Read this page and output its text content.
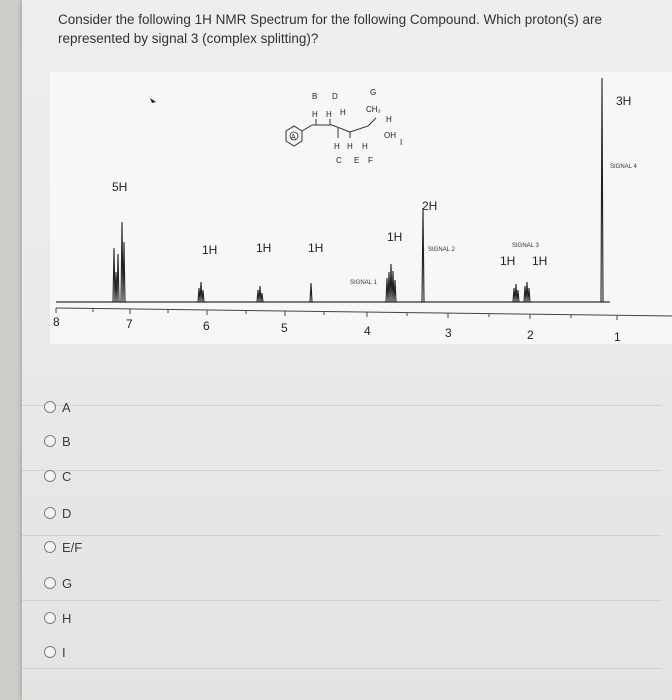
Consider the following 1H NMR Spectrum for the following Compound. Which proton(s) are
represented by signal 3 (complex splitting)?
8	7	6	5	4	3	2	1
5H
1H	1H	1H
1H
2H
1H 1H
3H
SIGNAL 1
SIGNAL 2
SIGNAL 3
SIGNAL 4
A
B D	G
H H H	CH₃
H
OH
I
H H H
C E F
A
B
C
D
E/F
G
H
I
